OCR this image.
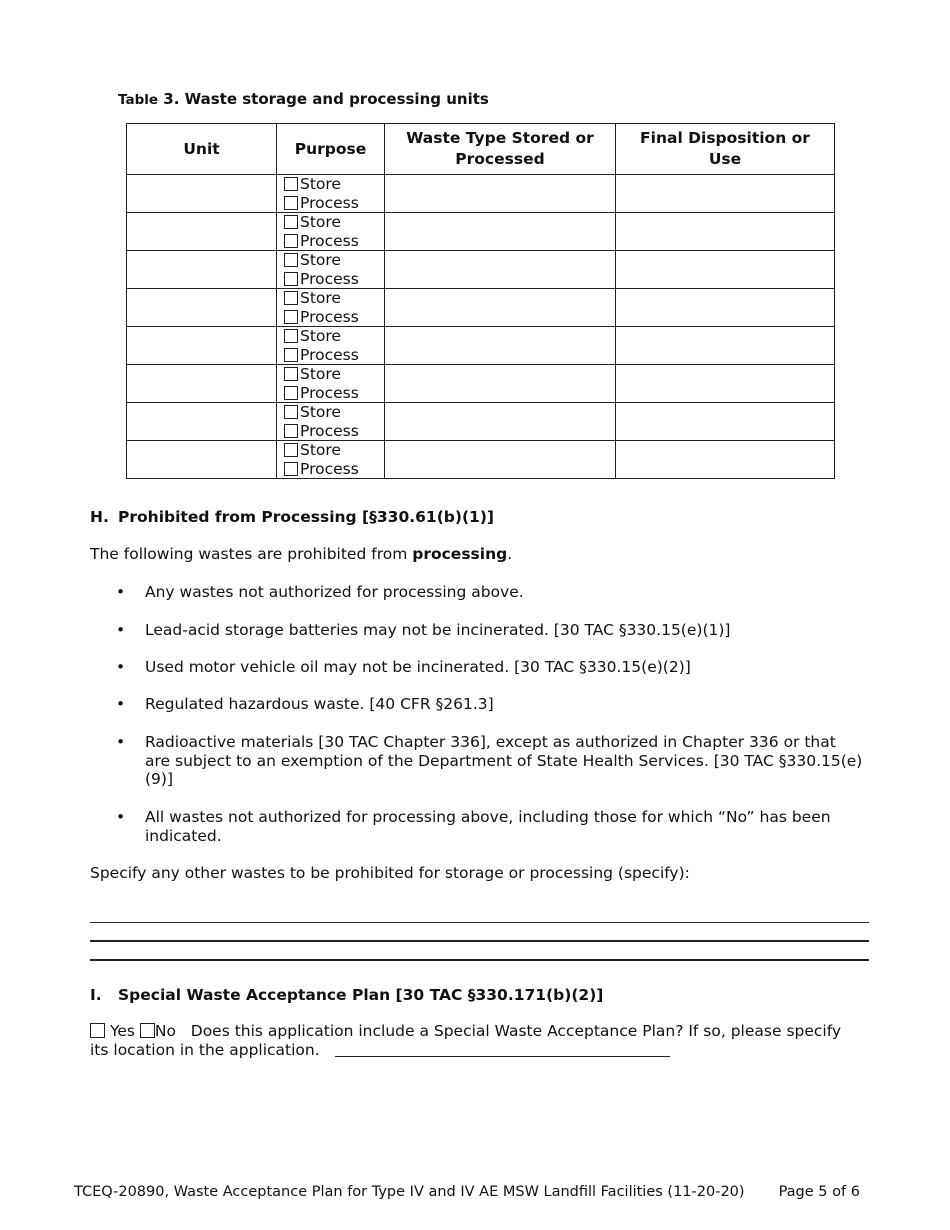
Table 3. Waste storage and processing units
Unit	Purpose	Waste Type Stored or Processed	Final Disposition or Use

	Store
Process		

	Store
Process		

	Store
Process		

	Store
Process		

	Store
Process		

	Store
Process		

	Store
Process		

	Store
Process		

H. Prohibited from Processing [§330.61(b)(1)]
The following wastes are prohibited from processing.
• Any wastes not authorized for processing above.
• Lead-acid storage batteries may not be incinerated. [30 TAC §330.15(e)(1)]
• Used motor vehicle oil may not be incinerated. [30 TAC §330.15(e)(2)]
• Regulated hazardous waste. [40 CFR §261.3]
• Radioactive materials [30 TAC Chapter 336], except as authorized in Chapter 336 or that are subject to an exemption of the Department of State Health Services. [30 TAC §330.15(e)(9)]
• All wastes not authorized for processing above, including those for which “No” has been indicated.
Specify any other wastes to be prohibited for storage or processing (specify):
I. Special Waste Acceptance Plan [30 TAC §330.171(b)(2)]
Yes No Does this application include a Special Waste Acceptance Plan? If so, please specify its location in the application.
TCEQ-20890, Waste Acceptance Plan for Type IV and IV AE MSW Landfill Facilities (11-20-20) Page 5 of 6
